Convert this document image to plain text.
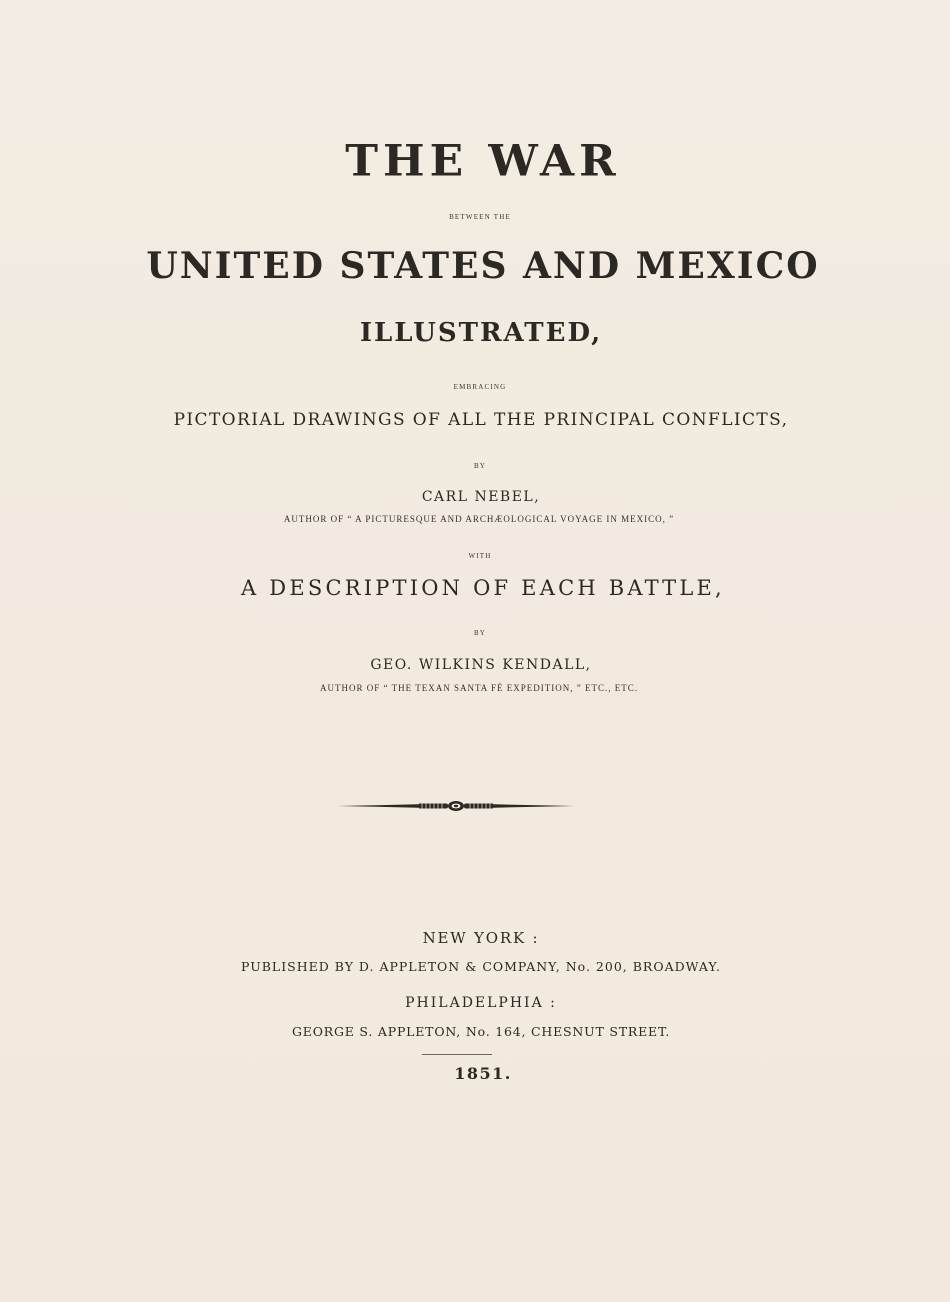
THE WAR
BETWEEN THE
UNITED STATES AND MEXICO
ILLUSTRATED,
EMBRACING
PICTORIAL DRAWINGS OF ALL THE PRINCIPAL CONFLICTS,
BY
CARL NEBEL,
AUTHOR OF “ A PICTURESQUE AND ARCHÆOLOGICAL VOYAGE IN MEXICO, ”
WITH
A DESCRIPTION OF EACH BATTLE,
BY
GEO. WILKINS KENDALL,
AUTHOR OF “ THE TEXAN SANTA FÉ EXPEDITION, ” ETC., ETC.
NEW YORK :
PUBLISHED BY D. APPLETON & COMPANY, No. 200, BROADWAY.
PHILADELPHIA :
GEORGE S. APPLETON, No. 164, CHESNUT STREET.
1851.
